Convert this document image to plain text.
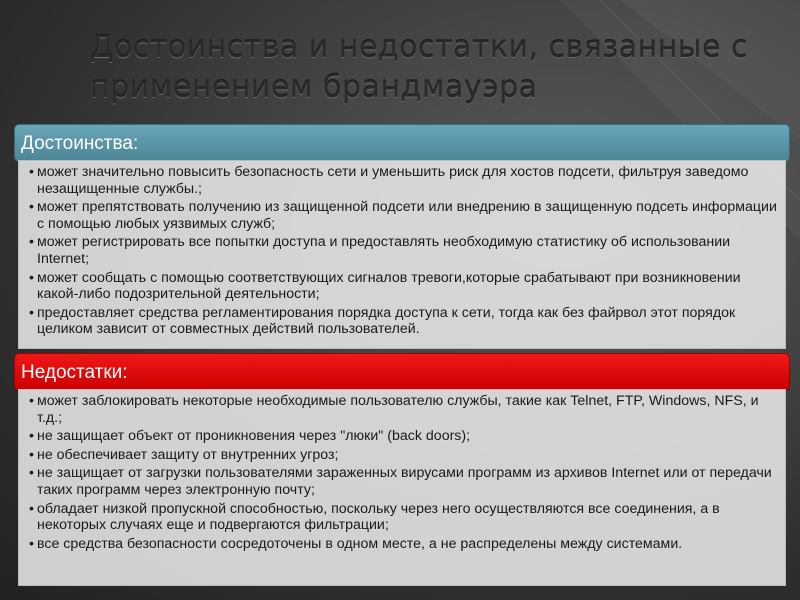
Достоинства и недостатки, связанные с
применением брандмауэра
Достоинства:
• может значительно повысить безопасность сети и уменьшить риск для хостов подсети, фильтруя заведомо незащищенные службы.;
• может препятствовать получению из защищенной подсети или внедрению в защищенную подсеть информации с помощью любых уязвимых служб;
• может регистрировать все попытки доступа и предоставлять необходимую статистику об использовании Internet;
• может сообщать с помощью соответствующих сигналов тревоги,которые срабатывают при возникновении какой-либо подозрительной деятельности;
• предоставляет средства регламентирования порядка доступа к сети, тогда как без файрвол этот порядок целиком зависит от совместных действий пользователей.
Недостатки:
• может заблокировать некоторые необходимые пользователю службы, такие как Telnet, FTP, Windows, NFS, и т.д.;
• не защищает объект от проникновения через "люки" (back doors);
• не обеспечивает защиту от внутренних угроз;
• не защищает от загрузки пользователями зараженных вирусами программ из архивов Internet или от передачи таких программ через электронную почту;
• обладает низкой пропускной способностью, поскольку через него осуществляются все соединения, а в некоторых случаях еще и подвергаются фильтрации;
• все средства безопасности сосредоточены в одном месте, а не распределены между системами.
